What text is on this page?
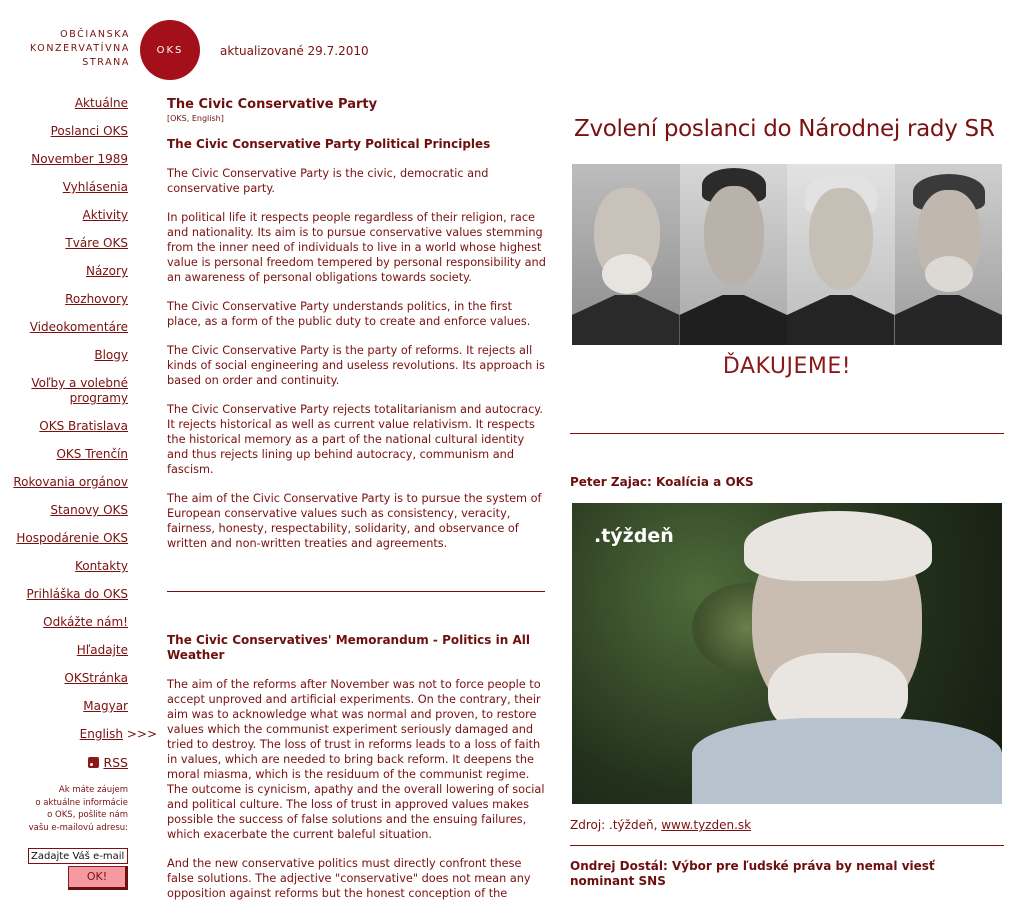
OBČIANSKA
KONZERVATÍVNA
STRANA
OKS	aktualizované 29.7.2010
Aktuálne
Poslanci OKS
November 1989
Vyhlásenia
Aktivity
Tváre OKS
Názory
Rozhovory
Videokomentáre
Blogy
Voľby a volebné programy
OKS Bratislava
OKS Trenčín
Rokovania orgánov
Stanovy OKS
Hospodárenie OKS
Kontakty
Prihláška do OKS
Odkážte nám!
Hľadajte
OKStránka
Magyar
English >>>
RSS
Ak máte záujem
o aktuálne informácie
o OKS, pošlite nám
vašu e-mailovú adresu:
Zadajte Váš e-mail
OK!
The Civic Conservative Party
[OKS, English]
The Civic Conservative Party Political Principles

The Civic Conservative Party is the civic, democratic and conservative party.

In political life it respects people regardless of their religion, race and nationality. Its aim is to pursue conservative values stemming from the inner need of individuals to live in a world whose highest value is personal freedom tempered by personal responsibility and an awareness of personal obligations towards society.

The Civic Conservative Party understands politics, in the first place, as a form of the public duty to create and enforce values.

The Civic Conservative Party is the party of reforms. It rejects all kinds of social engineering and useless revolutions. Its approach is based on order and continuity.

The Civic Conservative Party rejects totalitarianism and autocracy. It rejects historical as well as current value relativism. It respects the historical memory as a part of the national cultural identity and thus rejects lining up behind autocracy, communism and fascism.

The aim of the Civic Conservative Party is to pursue the system of European conservative values such as consistency, veracity, fairness, honesty, respectability, solidarity, and observance of written and non-written treaties and agreements.

The Civic Conservatives' Memorandum - Politics in All Weather

The aim of the reforms after November was not to force people to accept unproved and artificial experiments. On the contrary, their aim was to acknowledge what was normal and proven, to restore values which the communist experiment seriously damaged and tried to destroy. The loss of trust in reforms leads to a loss of faith in values, which are needed to bring back reform. It deepens the moral miasma, which is the residuum of the communist regime. The outcome is cynicism, apathy and the overall lowering of social and political culture. The loss of trust in approved values makes possible the success of false solutions and the ensuing failures, which exacerbate the current baleful situation.

And the new conservative politics must directly confront these false solutions. The adjective "conservative" does not mean any opposition against reforms but the honest conception of the

Zvolení poslanci do Národnej rady SR
ĎAKUJEME!
Peter Zajac: Koalícia a OKS
.týždeň
Zdroj: .týždeň, www.tyzden.sk
Ondrej Dostál: Výbor pre ľudské práva by nemal viesť nominant SNS
